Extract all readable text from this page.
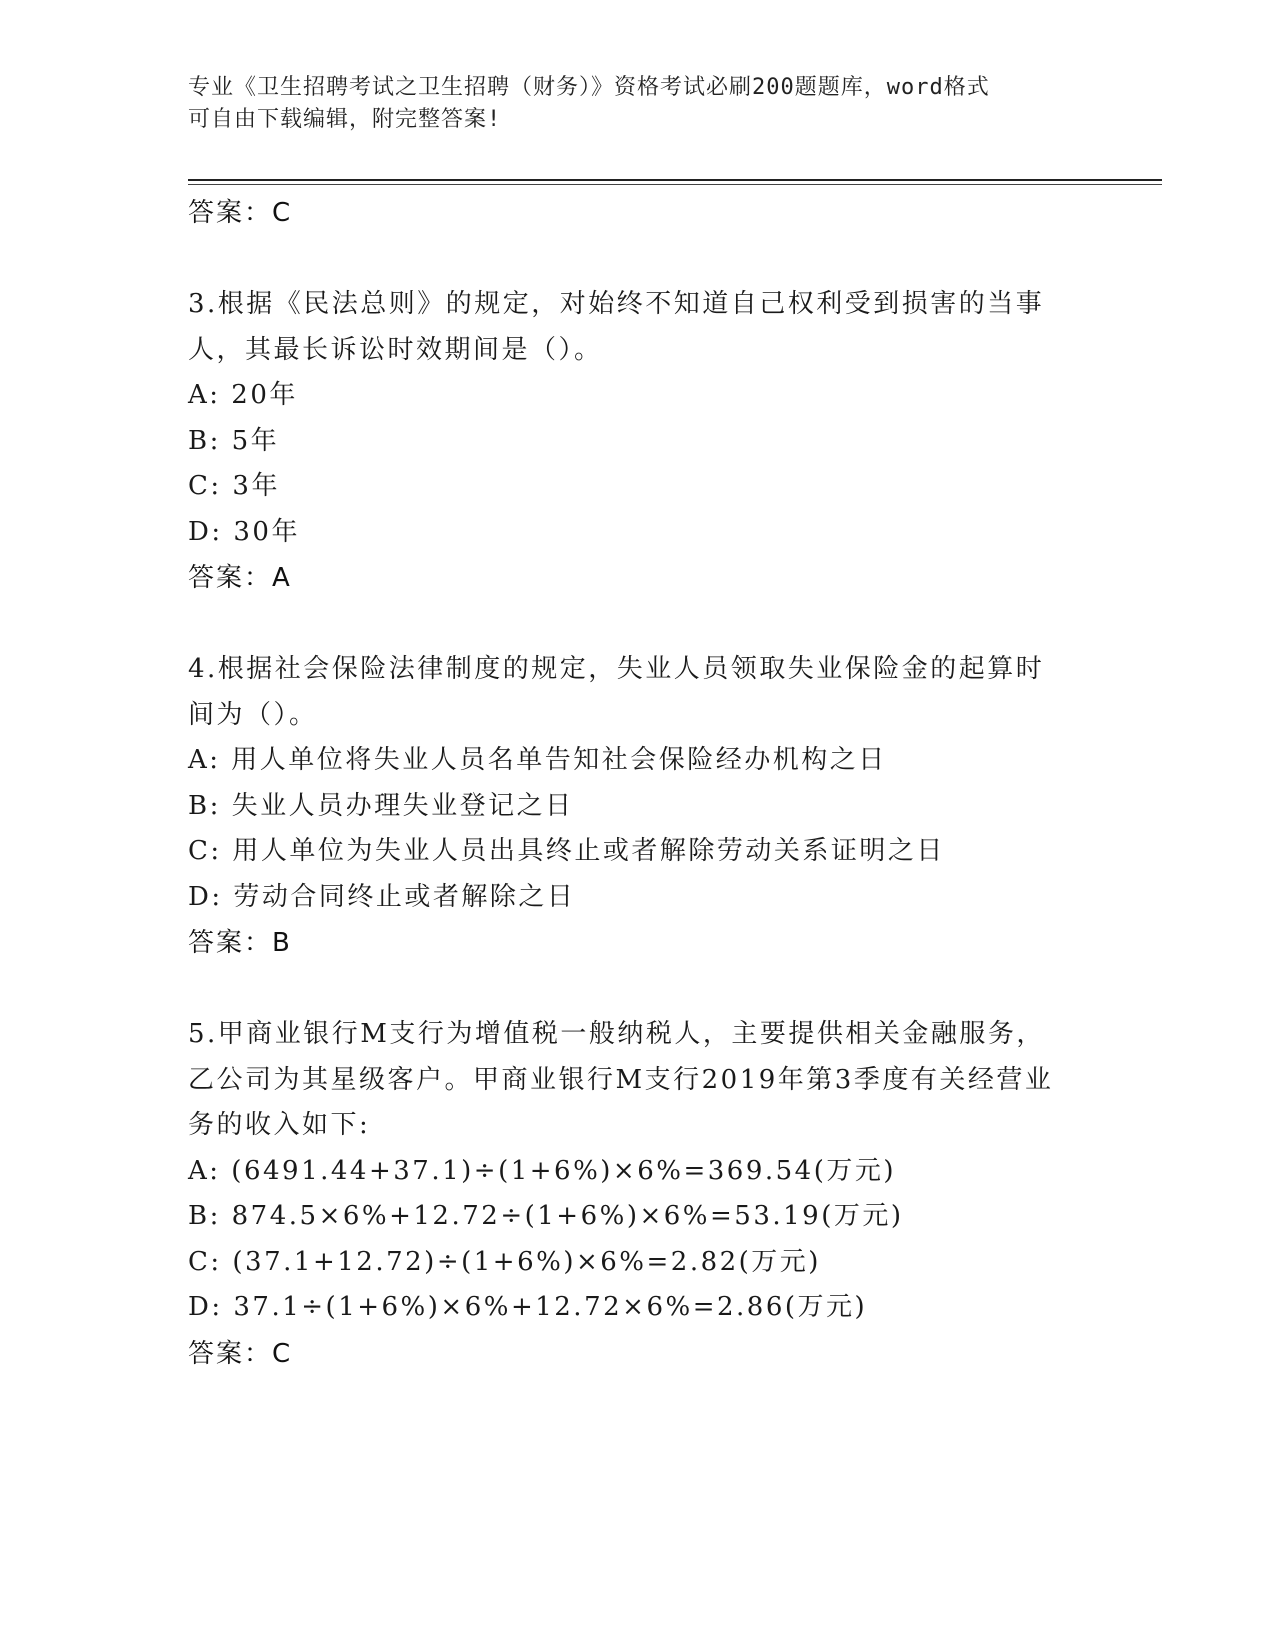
专业《卫生招聘考试之卫生招聘（财务）》资格考试必刷200题题库，word格式
可自由下载编辑，附完整答案!
答案：C
3.根据《民法总则》的规定，对始终不知道自己权利受到损害的当事
人，其最长诉讼时效期间是（）。
A: 20年
B: 5年
C: 3年
D: 30年
答案：A
4.根据社会保险法律制度的规定，失业人员领取失业保险金的起算时
间为（）。
A: 用人单位将失业人员名单告知社会保险经办机构之日
B: 失业人员办理失业登记之日
C: 用人单位为失业人员出具终止或者解除劳动关系证明之日
D: 劳动合同终止或者解除之日
答案：B
5.甲商业银行M支行为增值税一般纳税人，主要提供相关金融服务，
乙公司为其星级客户。甲商业银行M支行2019年第3季度有关经营业
务的收入如下:
A: (6491.44+37.1)÷(1+6%)×6%=369.54(万元)
B: 874.5×6%+12.72÷(1+6%)×6%=53.19(万元)
C: (37.1+12.72)÷(1+6%)×6%=2.82(万元)
D: 37.1÷(1+6%)×6%+12.72×6%=2.86(万元)
答案：C
